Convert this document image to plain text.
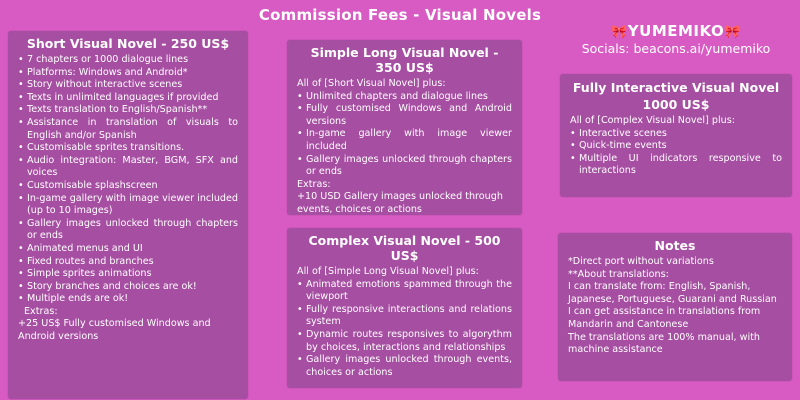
Commission Fees - Visual Novels
Short Visual Novel - 250 US$
• 7 chapters or 1000 dialogue lines
• Platforms: Windows and Android*
• Story without interactive scenes
• Texts in unlimited languages if provided
• Texts translation to English/Spanish**
• Assistance in translation of visuals to English and/or Spanish
• Customisable sprites transitions.
• Audio integration: Master, BGM, SFX and voices
• Customisable splashscreen
• In-game gallery with image viewer included (up to 10 images)
• Gallery images unlocked through chapters or ends
• Animated menus and UI
• Fixed routes and branches
• Simple sprites animations
• Story branches and choices are ok!
• Multiple ends are ok!

Extras:

+25 US$ Fully customised Windows and Android versions

Simple Long Visual Novel - 350 US$

All of [Short Visual Novel] plus:

• Unlimited chapters and dialogue lines
• Fully customised Windows and Android versions
• In-game gallery with image viewer included
• Gallery images unlocked through chapters or ends

Extras:

+10 USD Gallery images unlocked through events, choices or actions

Complex Visual Novel - 500 US$

All of [Simple Long Visual Novel] plus:

• Animated emotions spammed through the viewport
• Fully responsive interactions and relations system
• Dynamic routes responsives to algorythm by choices, interactions and relationships
• Gallery images unlocked through events, choices or actions
🎀YUMEMIKO🎀
Socials: beacons.ai/yumemiko
Fully Interactive Visual Novel
1000 US$

All of [Complex Visual Novel] plus:

• Interactive scenes
• Quick-time events
• Multiple UI indicators responsive to interactions
Notes

*Direct port without variations

**About translations:

I can translate from: English, Spanish, Japanese, Portuguese, Guarani and Russian

I can get assistance in translations from Mandarin and Cantonese

The translations are 100% manual, with machine assistance
